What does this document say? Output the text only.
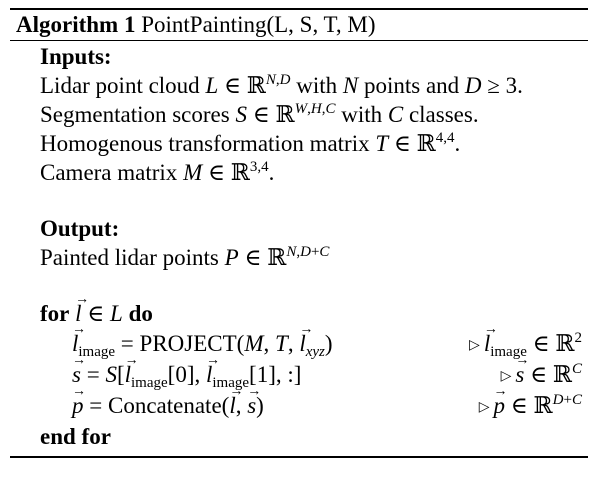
Algorithm 1 PointPainting(L, S, T, M)
Inputs:
Lidar point cloud L ∈ ℝ$^{N,D}$ with N points and D ≥ 3.
Segmentation scores S ∈ ℝ$^{W,H,C}$ with C classes.
Homogenous transformation matrix T ∈ ℝ$^{4,4}$.
Camera matrix M ∈ ℝ$^{3,4}$.
Output:
Painted lidar points P ∈ ℝ$^{N,D+C}$
for → l ∈ L do
→ $l_{image}$ = PROJECT(M, T, → $l_{xyz}$)	▷ → $l_{image}$ ∈ ℝ$^2$
→ $s = S[\to l_{image}[0]$, → $l_{image}[1]$, :]	▷ → s ∈ ℝ$^C$
→ p = Concatenate(→ l, → s)	▷ → p ∈ ℝ$^{D+C}$
end for
